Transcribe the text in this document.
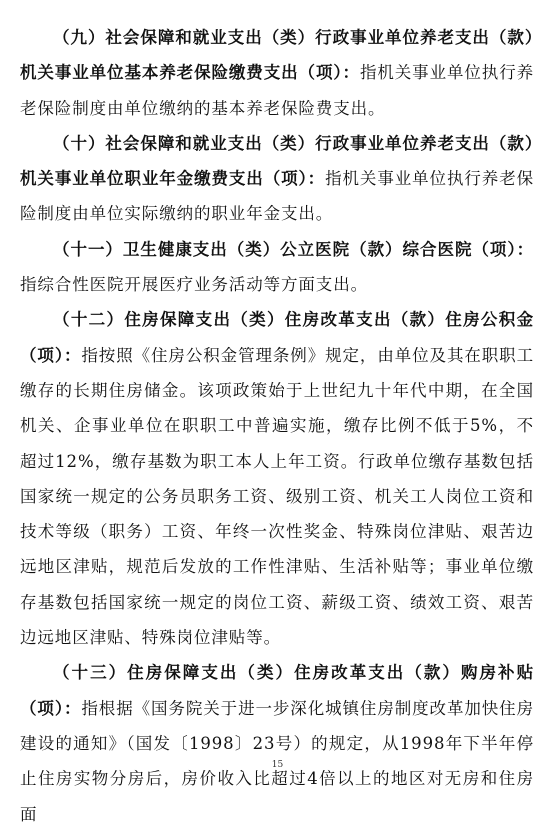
（九）社会保障和就业支出（类）行政事业单位养老支出（款）机关事业单位基本养老保险缴费支出（项）：指机关事业单位执行养老保险制度由单位缴纳的基本养老保险费支出。

（十）社会保障和就业支出（类）行政事业单位养老支出（款）机关事业单位职业年金缴费支出（项）：指机关事业单位执行养老保险制度由单位实际缴纳的职业年金支出。

（十一）卫生健康支出（类）公立医院（款）综合医院（项）：指综合性医院开展医疗业务活动等方面支出。

（十二）住房保障支出（类）住房改革支出（款）住房公积金（项）：指按照《住房公积金管理条例》规定，由单位及其在职职工缴存的长期住房储金。该项政策始于上世纪九十年代中期，在全国机关、企事业单位在职职工中普遍实施，缴存比例不低于5%，不超过12%，缴存基数为职工本人上年工资。行政单位缴存基数包括国家统一规定的公务员职务工资、级别工资、机关工人岗位工资和技术等级（职务）工资、年终一次性奖金、特殊岗位津贴、艰苦边远地区津贴，规范后发放的工作性津贴、生活补贴等；事业单位缴存基数包括国家统一规定的岗位工资、薪级工资、绩效工资、艰苦边远地区津贴、特殊岗位津贴等。

（十三）住房保障支出（类）住房改革支出（款）购房补贴（项）：指根据《国务院关于进一步深化城镇住房制度改革加快住房建设的通知》（国发〔1998〕23号）的规定，从1998年下半年停止住房实物分房后，房价收入比超过4倍以上的地区对无房和住房面

15
